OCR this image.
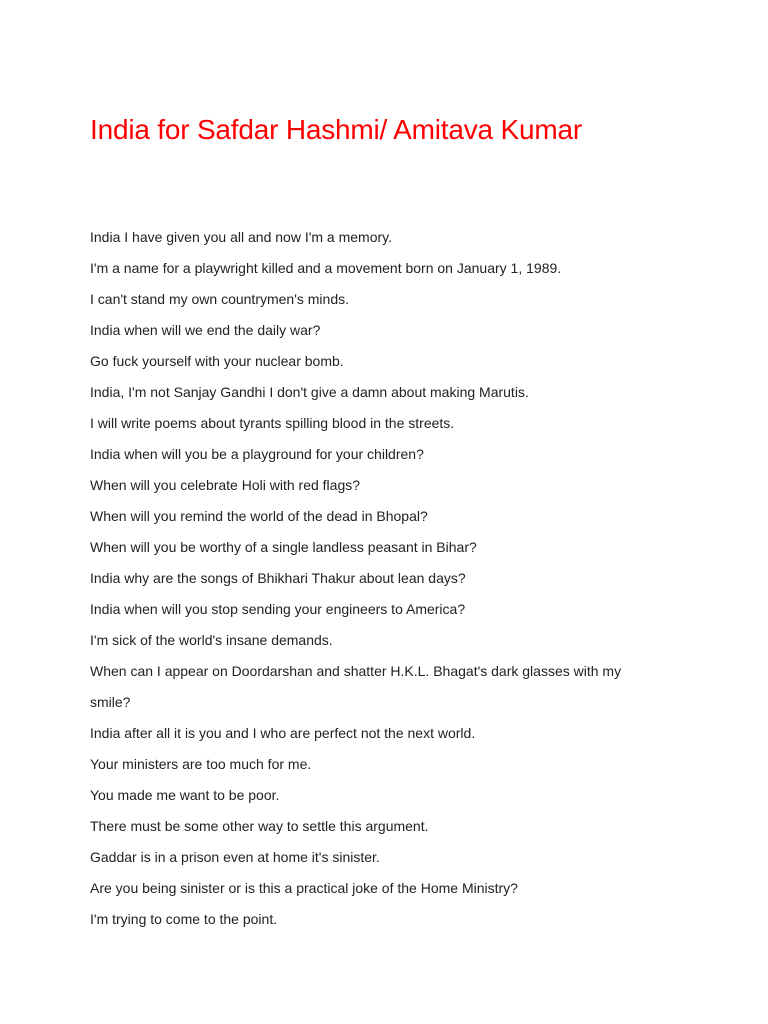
India for Safdar Hashmi/ Amitava Kumar
India I have given you all and now I'm a memory.
I'm a name for a playwright killed and a movement born on January 1, 1989.
I can't stand my own countrymen's minds.
India when will we end the daily war?
Go fuck yourself with your nuclear bomb.
India, I'm not Sanjay Gandhi I don't give a damn about making Marutis.
I will write poems about tyrants spilling blood in the streets.
India when will you be a playground for your children?
When will you celebrate Holi with red flags?
When will you remind the world of the dead in Bhopal?
When will you be worthy of a single landless peasant in Bihar?
India why are the songs of Bhikhari Thakur about lean days?
India when will you stop sending your engineers to America?
I'm sick of the world's insane demands.
When can I appear on Doordarshan and shatter H.K.L. Bhagat's dark glasses with my
smile?
India after all it is you and I who are perfect not the next world.
Your ministers are too much for me.
You made me want to be poor.
There must be some other way to settle this argument.
Gaddar is in a prison even at home it's sinister.
Are you being sinister or is this a practical joke of the Home Ministry?
I'm trying to come to the point.
